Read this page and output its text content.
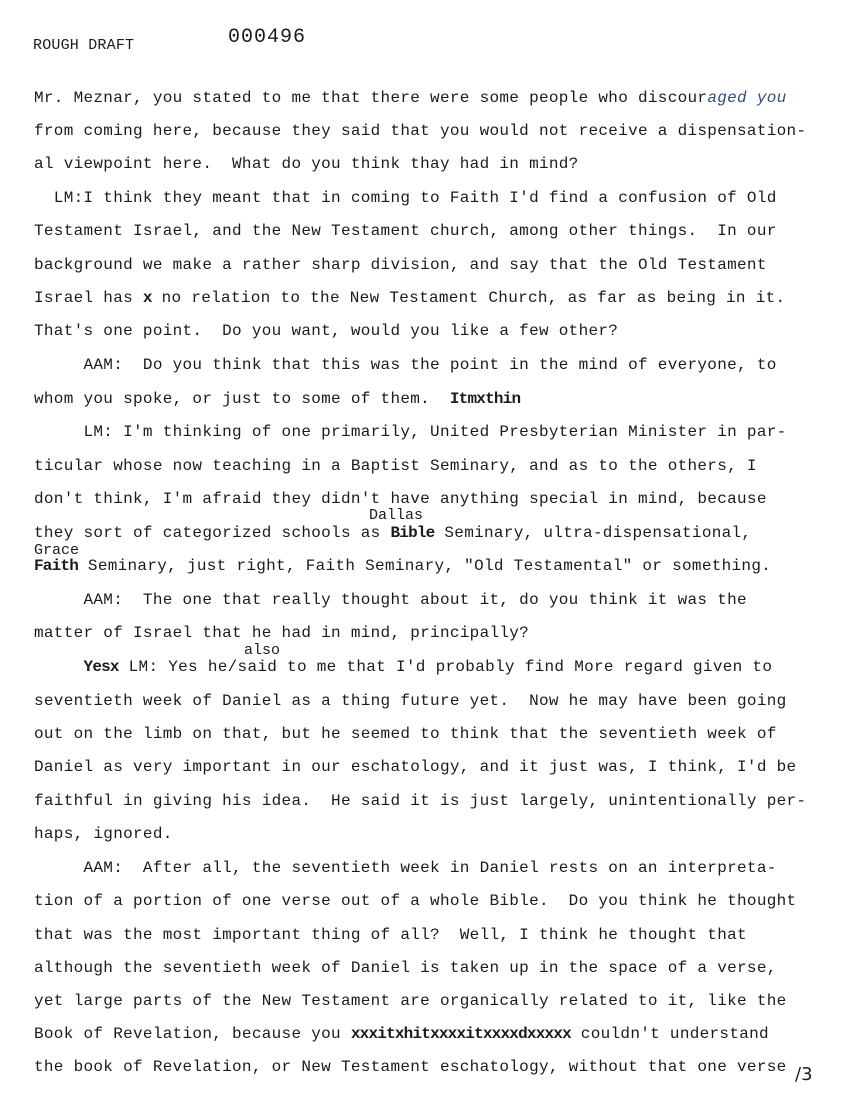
ROUGH DRAFT	000496
Mr. Meznar, you stated to me that there were some people who discouraged you
from coming here, because they said that you would not receive a dispensation-
al viewpoint here.  What do you think thay had in mind?
LM:I think they meant that in coming to Faith I'd find a confusion of Old
Testament Israel, and the New Testament church, among other things.  In our
background we make a rather sharp division, and say that the Old Testament
Israel has x no relation to the New Testament Church, as far as being in it.
That's one point.  Do you want, would you like a few other?
AAM:  Do you think that this was the point in the mind of everyone, to
whom you spoke, or just to some of them.  Itmxthin
LM: I'm thinking of one primarily, United Presbyterian Minister in par-
ticular whose now teaching in a Baptist Seminary, and as to the others, I
don't think, I'm afraid they didn't have anything special in mind, because
they sort of categorized schools as Bible Seminary, ultra-dispensational,
Faith Seminary, just right, Faith Seminary, "Old Testamental" or something.
AAM:  The one that really thought about it, do you think it was the
matter of Israel that he had in mind, principally?
Yesx LM: Yes he/said to me that I'd probably find More regard given to
seventieth week of Daniel as a thing future yet.  Now he may have been going
out on the limb on that, but he seemed to think that the seventieth week of
Daniel as very important in our eschatology, and it just was, I think, I'd be
faithful in giving his idea.  He said it is just largely, unintentionally per-
haps, ignored.
AAM:  After all, the seventieth week in Daniel rests on an interpreta-
tion of a portion of one verse out of a whole Bible.  Do you think he thought
that was the most important thing of all?  Well, I think he thought that
although the seventieth week of Daniel is taken up in the space of a verse,
yet large parts of the New Testament are organically related to it, like the
Book of Revelation, because you xxxitxhitxxxxitxxxxdxxxxx couldn't understand
the book of Revelation, or New Testament eschatology, without that one verse
Dallas
Grace
also
/3
